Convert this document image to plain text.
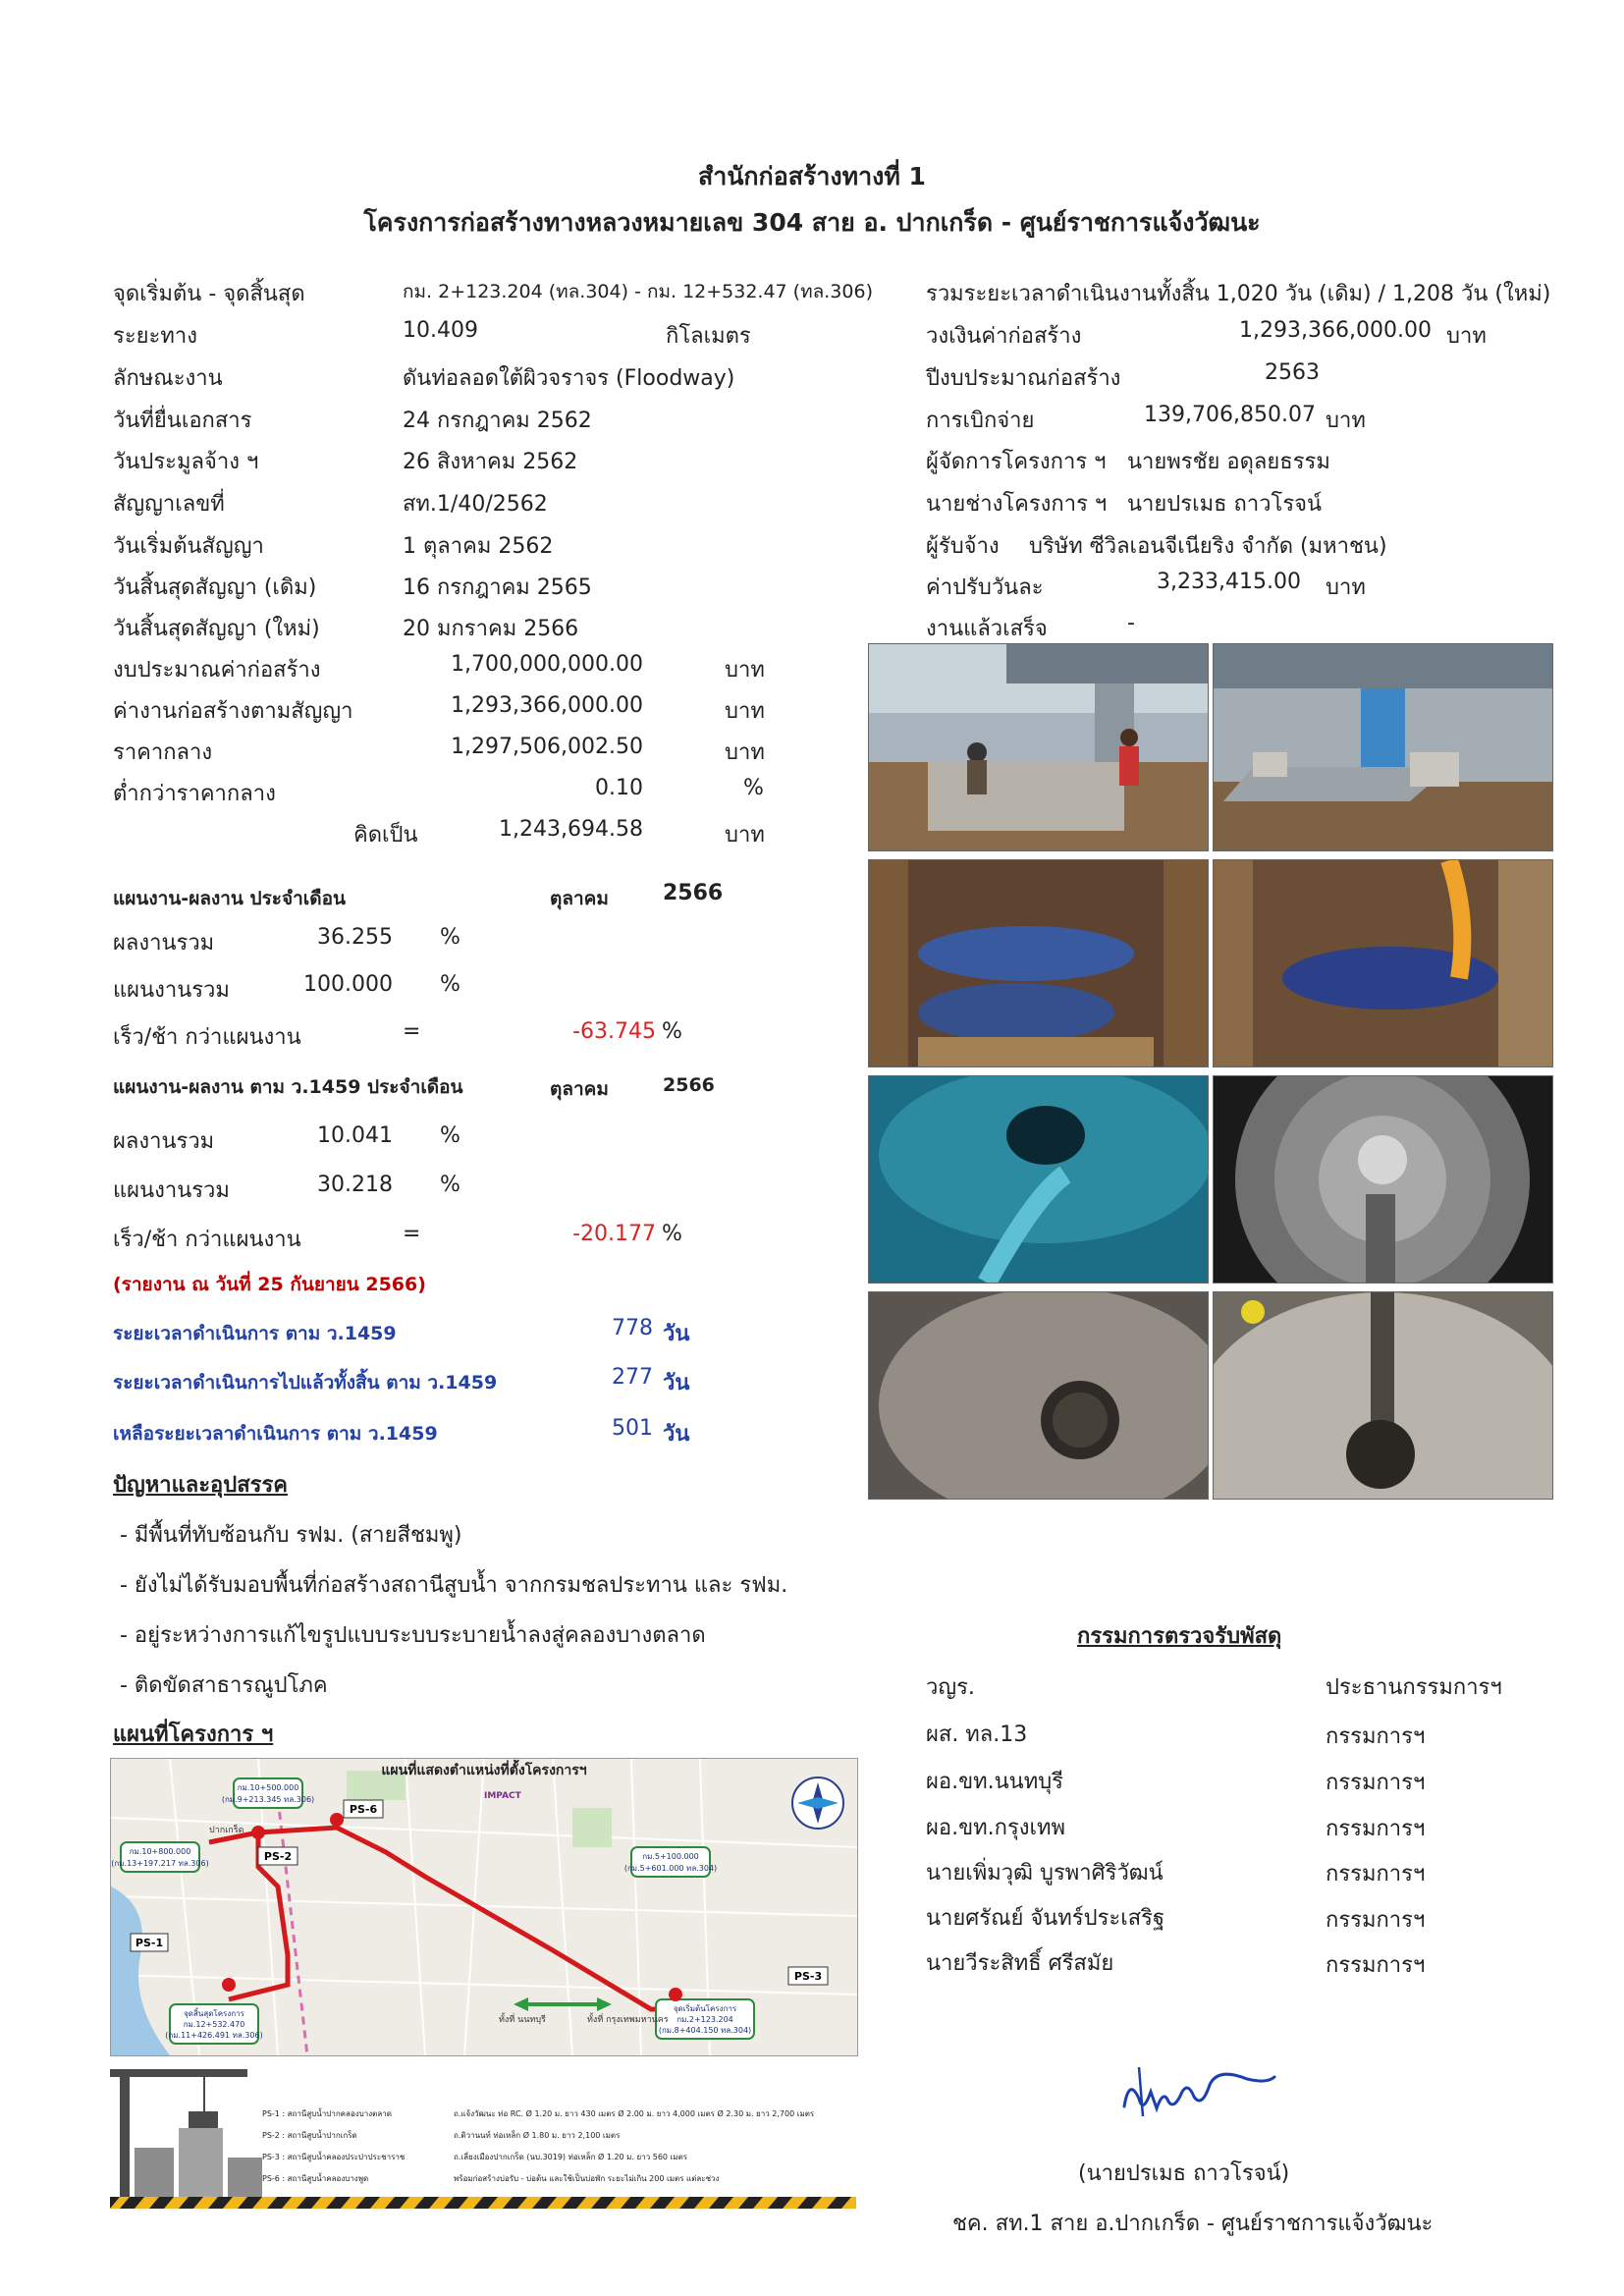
สำนักก่อสร้างทางที่ 1
โครงการก่อสร้างทางหลวงหมายเลข 304 สาย อ. ปากเกร็ด - ศูนย์ราชการแจ้งวัฒนะ
จุดเริ่มต้น - จุดสิ้นสุด	กม. 2+123.204 (ทล.304) - กม. 12+532.47 (ทล.306)
ระยะทาง	10.409	กิโลเมตร
ลักษณะงาน	ดันท่อลอดใต้ผิวจราจร (Floodway)
วันที่ยื่นเอกสาร	24 กรกฎาคม 2562
วันประมูลจ้าง ฯ	26 สิงหาคม 2562
สัญญาเลขที่	สท.1/40/2562
วันเริ่มต้นสัญญา	1 ตุลาคม 2562
วันสิ้นสุดสัญญา (เดิม)	16 กรกฎาคม 2565
วันสิ้นสุดสัญญา (ใหม่)	20 มกราคม 2566
งบประมาณค่าก่อสร้าง	1,700,000,000.00	บาท
ค่างานก่อสร้างตามสัญญา	1,293,366,000.00	บาท
ราคากลาง	1,297,506,002.50	บาท
ต่ำกว่าราคากลาง	0.10	%
คิดเป็น	1,243,694.58	บาท
รวมระยะเวลาดำเนินงานทั้งสิ้น 1,020 วัน (เดิม) / 1,208 วัน (ใหม่)
วงเงินค่าก่อสร้าง	1,293,366,000.00 บาท
ปีงบประมาณก่อสร้าง	2563
การเบิกจ่าย	139,706,850.07 บาท
ผู้จัดการโครงการ ฯ นายพรชัย อดุลยธรรม
นายช่างโครงการ ฯ นายปรเมธ ถาวโรจน์
ผู้รับจ้าง บริษัท ซีวิลเอนจีเนียริง จำกัด (มหาชน)
ค่าปรับวันละ	3,233,415.00 บาท
งานแล้วเสร็จ	-
แผนงาน-ผลงาน ประจำเดือน	ตุลาคม	2566
ผลงานรวม	36.255 %
แผนงานรวม	100.000 %
เร็ว/ช้า กว่าแผนงาน	=	-63.745 %
แผนงาน-ผลงาน ตาม ว.1459 ประจำเดือน	ตุลาคม	2566
ผลงานรวม	10.041 %
แผนงานรวม	30.218 %
เร็ว/ช้า กว่าแผนงาน	=	-20.177 %
(รายงาน ณ วันที่ 25 กันยายน 2566)
ระยะเวลาดำเนินการ ตาม ว.1459	778 วัน
ระยะเวลาดำเนินการไปแล้วทั้งสิ้น ตาม ว.1459	277 วัน
เหลือระยะเวลาดำเนินการ ตาม ว.1459	501 วัน
ปัญหาและอุปสรรค
- มีพื้นที่ทับซ้อนกับ รฟม. (สายสีชมพู)
- ยังไม่ได้รับมอบพื้นที่ก่อสร้างสถานีสูบน้ำ จากกรมชลประทาน และ รฟม.
- อยู่ระหว่างการแก้ไขรูปแบบระบบระบายน้ำลงสู่คลองบางตลาด
- ติดขัดสาธารณูปโภค
แผนที่โครงการ ฯ
แผนที่แสดงตำแหน่งที่ตั้งโครงการฯ
PS-2
PS-1
PS-3
PS-6
กม.10+500.000
(กม.9+213.345 ทล.306)
กม.10+800.000
(กม.13+197.217 ทล.306)
กม.5+100.000
(กม.5+601.000 ทล.304)
จุดสิ้นสุดโครงการ
กม.12+532.470
(กม.11+426.491 ทล.306)
จุดเริ่มต้นโครงการ
กม.2+123.204
(กม.8+404.150 ทล.304)
IMPACT
ปากเกร็ด
ทั้งที่ นนทบุรี	ทั้งที่ กรุงเทพมหานคร
PS-1 : สถานีสูบน้ำปากคลองบางตลาด
PS-2 : สถานีสูบน้ำปากเกร็ด
PS-3 : สถานีสูบน้ำคลองประปาประชาราช
PS-6 : สถานีสูบน้ำคลองบางพูด
ถ.แจ้งวัฒนะ ท่อ RC. Ø 1.20 ม. ยาว 430 เมตร Ø 2.00 ม. ยาว 4,000 เมตร Ø 2.30 ม. ยาว 2,700 เมตร
ถ.ติวานนท์ ท่อเหล็ก Ø 1.80 ม. ยาว 2,100 เมตร
ถ.เลี่ยงเมืองปากเกร็ด (นบ.3019) ท่อเหล็ก Ø 1.20 ม. ยาว 560 เมตร
พร้อมก่อสร้างบ่อรับ - บ่อต้น และใช้เป็นบ่อพัก ระยะไม่เกิน 200 เมตร แต่ละช่วง
กรรมการตรวจรับพัสดุ
วญร.	ประธานกรรมการฯ
ผส. ทล.13	กรรมการฯ
ผอ.ขท.นนทบุรี	กรรมการฯ
ผอ.ขท.กรุงเทพ	กรรมการฯ
นายเพิ่มวุฒิ บูรพาศิริวัฒน์	กรรมการฯ
นายศรัณย์ จันทร์ประเสริฐ	กรรมการฯ
นายวีระสิทธิ์ ศรีสมัย	กรรมการฯ
(นายปรเมธ ถาวโรจน์)
ชค. สท.1 สาย อ.ปากเกร็ด - ศูนย์ราชการแจ้งวัฒนะ
